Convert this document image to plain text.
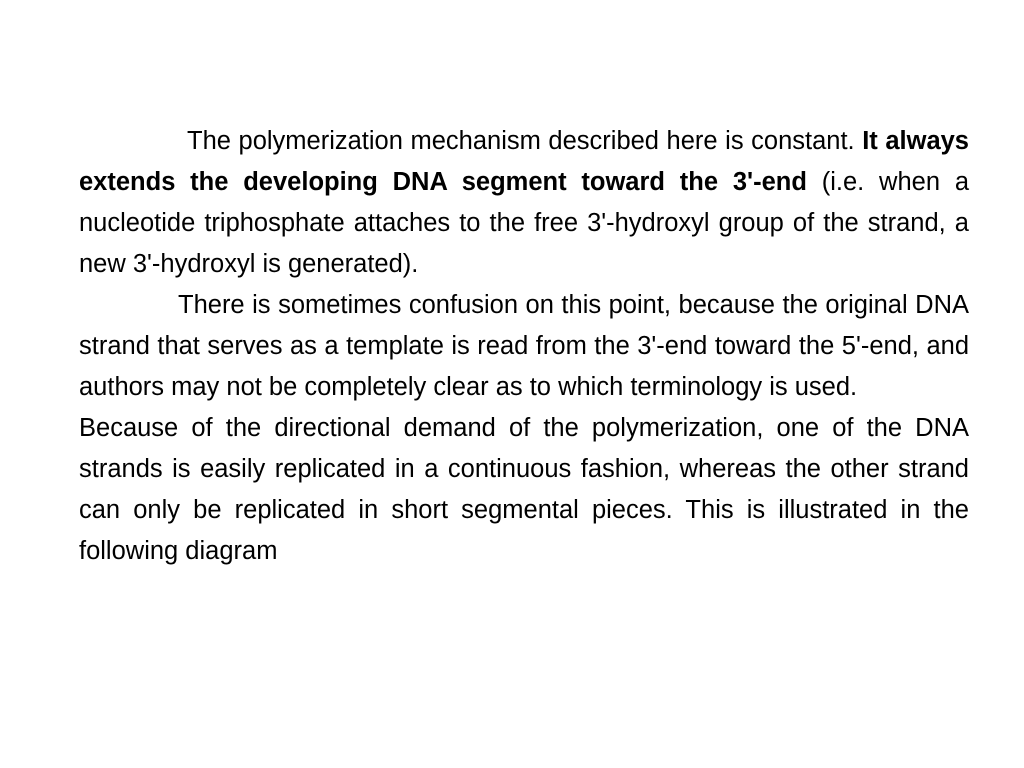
The polymerization mechanism described here is constant. It always extends the developing DNA segment toward the 3'-end (i.e. when a nucleotide triphosphate attaches to the free 3'-hydroxyl group of the strand, a new 3'-hydroxyl is generated).

There is sometimes confusion on this point, because the original DNA strand that serves as a template is read from the 3'-end toward the 5'-end, and authors may not be completely clear as to which terminology is used.

Because of the directional demand of the polymerization, one of the DNA strands is easily replicated in a continuous fashion, whereas the other strand can only be replicated in short segmental pieces. This is illustrated in the following diagram
